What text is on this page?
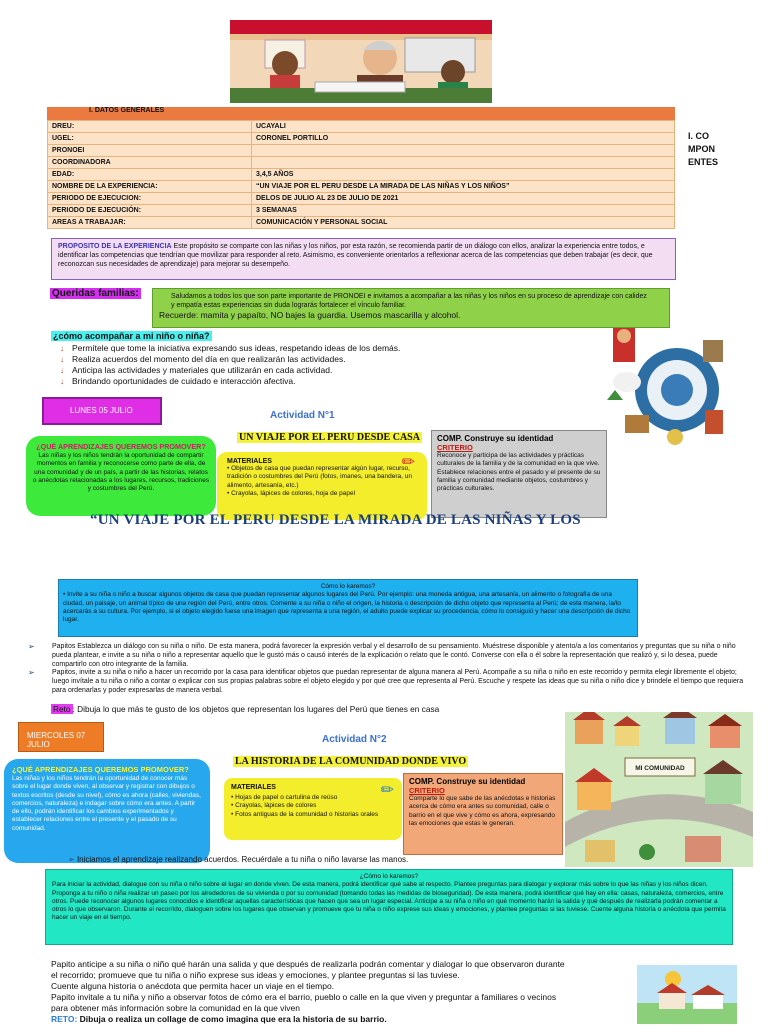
I. DATOS GENERALES
DREU:	UCAYALI
UGEL:	CORONEL PORTILLO
PRONOEI	
COORDINADORA	
EDAD:	3,4,5 AÑOS
NOMBRE DE LA EXPERIENCIA:	“UN VIAJE POR EL PERU DESDE LA MIRADA DE LAS NIÑAS Y LOS NIÑOS”
PERIODO DE EJECUCION:	DELOS DE JULIO AL 23 DE JULIO DE 2021
PERIODO DE EJECUCIÓN:	3 SEMANAS
AREAS A TRABAJAR:	COMUNICACIÓN Y PERSONAL SOCIAL
I. CO
MPON
ENTES
PROPOSITO DE LA EXPERIENCIA Este propósito se comparte con las niñas y los niños, por esta razón, se recomienda partir de un diálogo con ellos, analizar la experiencia entre todos, e identificar las competencias que tendrían que movilizar para responder al reto. Asimismo, es conveniente orientarlos a reflexionar acerca de las competencias que deben trabajar (es decir, que reconozcan sus necesidades de aprendizaje) para mejorar su desempeño.
Queridas familias:	Saludamos a todos los que son parte importante de PRONOEI e invitamos a acompañar a las niñas y los niños en su proceso de aprendizaje con calidez y empatía estas experiencias sin duda lograrás fortalecer el vínculo familiar.
Recuerde: mamita y papaíto, NO bajes la guardia. Usemos mascarilla y alcohol.
¿cómo acompañar a mi niño o niña?
↓ Permítele que tome la iniciativa expresando sus ideas, respetando ideas de los demás.
↓ Realiza acuerdos del momento del día en que realizarán las actividades.
↓ Anticipa las actividades y materiales que utilizarán en cada actividad.
↓ Brindando oportunidades de cuidado e interacción afectiva.
LUNES 05 JULIO	Actividad N°1
UN VIAJE POR EL PERU DESDE CASA
¿QUÉ APRENDIZAJES QUEREMOS PROMOVER?
Las niñas y los niños tendrán la oportunidad de compartir momentos en familia y reconocerse como parte de ella, de una comunidad y de un país, a partir de las historias, relatos o anécdotas relacionadas a los lugares, recursos, tradiciones y costumbres del Perú.
MATERIALES
• Objetos de casa que puedan representar algún lugar, recurso, tradición o costumbres del Perú (fotos, imanes, una bandera, un alimento, artesanía, etc.)
• Crayolas, lápices de colores, hoja de papel
✏
COMP. Construye su identidad
CRITERIO
Reconoce y participa de las actividades y prácticas culturales de la familia y de la comunidad en la que vive. Establece relaciones entre el pasado y el presente de su familia y comunidad mediante objetos, costumbres y prácticas culturales.
“UN VIAJE POR EL PERU DESDE LA MIRADA DE LAS NIÑAS Y LOS
Cómo lo karemos?
• Invite a su niña o niño a buscar algunos objetos de casa que puedan representar algunos lugares del Perú. Por ejemplo: una moneda antigua, una artesanía, un alimento o fotografía de una ciudad, un paisaje, un animal típico de una región del Perú, entre otros. Comente a su niña o niño el origen, la historia o descripción de dicho objeto que representa al Perú; de esta manera, la/lo acercarás a su cultura. Por ejemplo, si el objeto elegido fuese una imagen que representa a una región, el adulto puede explicar su procedencia, cómo lo consiguió y hacer una descripción de dicho lugar.
➢ Papitos Establezca un diálogo con su niña o niño. De esta manera, podrá favorecer la expresión verbal y el desarrollo de su pensamiento. Muéstrese disponible y atento/a a los comentarios y preguntas que su niña o niño pueda plantear, e invite a su niña o niño a representar aquello que le gustó más o causó interés de la explicación o relato que le contó. Converse con ella o él sobre la representación que realizó y, si lo desea, puede compartirlo con otro integrante de la familia.
➢ Papitos, invite a su niña o niño a hacer un recorrido por la casa para identificar objetos que puedan representar de alguna manera al Perú. Acompañe a su niña o niño en este recorrido y permita elegir libremente el objeto; luego invítale a tu niña o niño a contar o explicar con sus propias palabras sobre el objeto elegido y por qué cree que representa al Perú. Escuche y respete las ideas que su niña o niño dice y brindele el tiempo que requiera para ordenarlas y poder expresarlas de manera verbal.
Reto : Dibuja lo que más te gusto de los objetos que representan los lugares del Perú que tienes en casa
MIERCOLES 07 JULIO	Actividad N°2
LA HISTORIA DE LA COMUNIDAD DONDE VIVO
¿QUÉ APRENDIZAJES QUEREMOS PROMOVER?
Las niñas y los niños tendrán la oportunidad de conocer más sobre el lugar donde viven, al observar y registrar con dibujos o textos escritos (desde su nivel), cómo es ahora (calles, viviendas, comercios, naturaleza) e indagar sobre cómo era antes. A partir de ello, podrán identificar los cambios experimentados y establecer relaciones entre el presente y el pasado de su comunidad.
MATERIALES
• Hojas de papel o cartulina de reúso
• Crayolas, lápices de colores
• Fotos antiguas de la comunidad o historias orales
✏
COMP. Construye su identidad
CRITERIO
Comparte lo que sabe de las anécdotas e historias acerca de cómo era antes su comunidad, calle o barrio en el que vive y cómo es ahora, expresando las emociones que estas le generan.
MI COMUNIDAD
➢ Iniciamos el aprendizaje realizando acuerdos. Recuérdale a tu niña o niño lavarse las manos.
¿Cómo lo karemos?
Para iniciar la actividad, dialogue con su niña o niño sobre el lugar en donde viven. De esta manera, podrá identificar qué sabe al respecto. Plantee preguntas para dialogar y explorar más sobre lo que las niñas y los niños dicen. Proponga a tu niño o niña realizar un paseo por los alrededores de su vivienda o por su comunidad (tomando todas las medidas de bioseguridad). De esta manera, podrá identificar qué hay en ella: casas, naturaleza, comercios, entre otros. Puede reconocer algunos lugares conocidos e identificar aquellas características que hacen que sea un lugar especial. Anticipe a su niña o niño en qué momento harán la salida y qué después de realizarla podrán comentar a otros lo que observaron. Durante el recorrido, dialoguen sobre los lugares que observan y promueve que tu niña o niño exprese sus ideas y emociones, y plantee preguntas si las tuviese. Cuente alguna historia o anécdota que permita hacer un viaje en el tiempo.
Papito anticipe a su niña o niño qué harán una salida y que después de realizarla podrán comentar y dialogar lo que observaron durante el recorrido; promueve que tu niña o niño exprese sus ideas y emociones, y plantee preguntas si las tuviese.
Cuente alguna historia o anécdota que permita hacer un viaje en el tiempo.
Papito invitale a tu niña y niño a observar fotos de cómo era el barrio, pueblo o calle en la que viven y preguntar a familiares o vecinos para obtener más información sobre la comunidad en la que viven
RETO: Dibuja o realiza un collage de como imagina que era la historia de su barrio.
